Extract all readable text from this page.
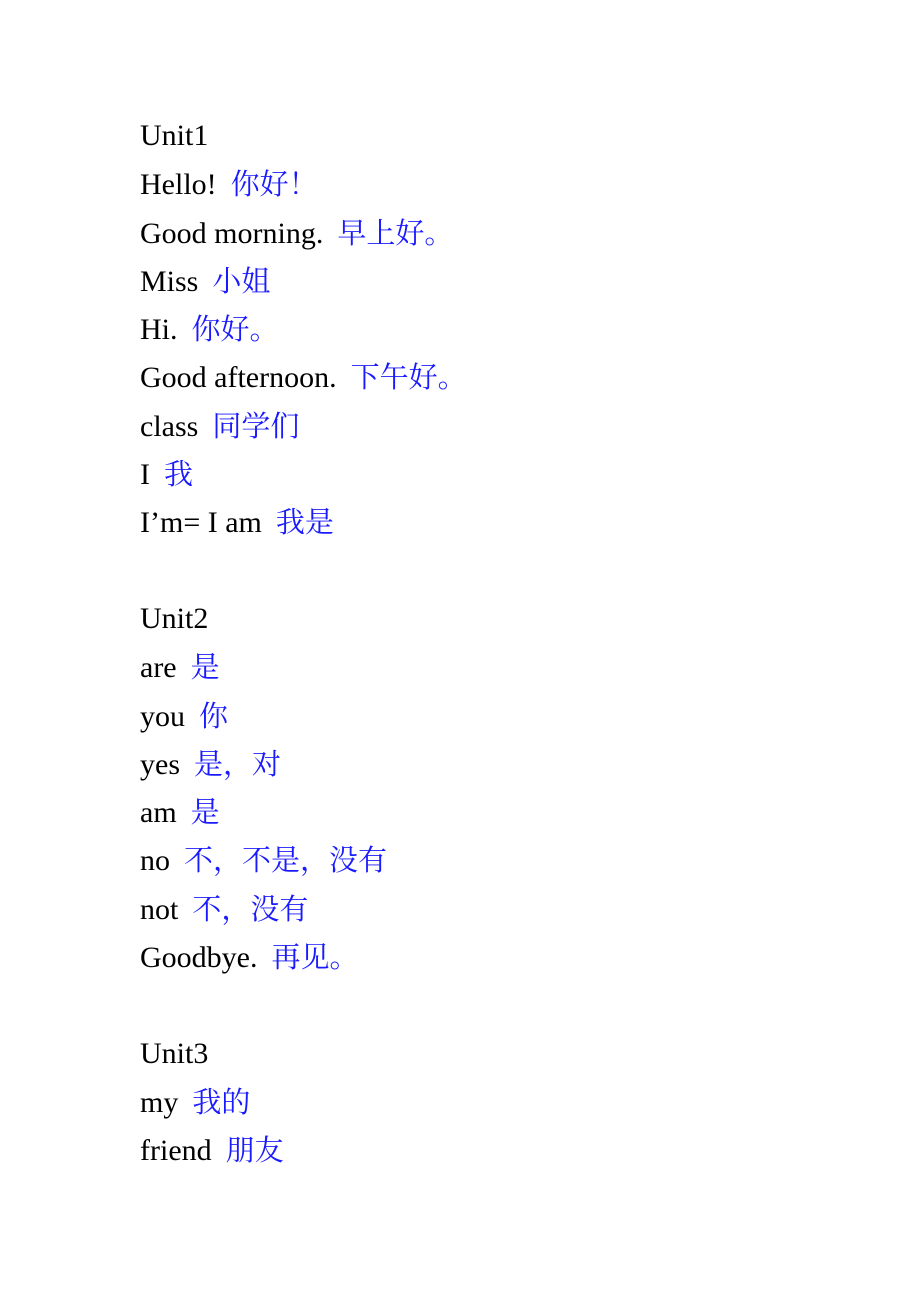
Unit1
Hello! 你好！
Good morning. 早上好。
Miss 小姐
Hi. 你好。
Good afternoon. 下午好。
class 同学们
I 我
I’m= I am 我是
Unit2
are 是
you 你
yes 是，对
am 是
no 不，不是，没有
not 不，没有
Goodbye. 再见。
Unit3
my 我的
friend 朋友
